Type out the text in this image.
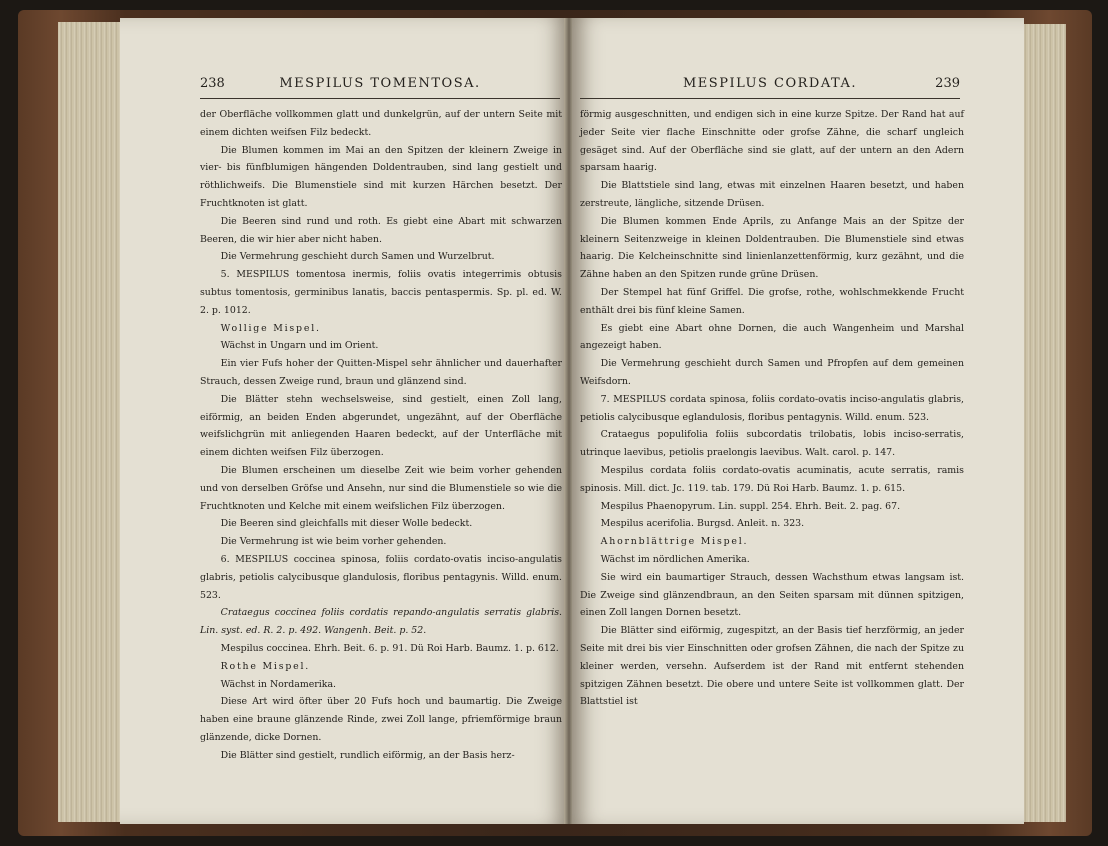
238	MESPILUS TOMENTOSA.

der Oberfläche vollkommen glatt und dunkelgrün, auf der untern Seite mit einem dichten weifsen Filz bedeckt.

Die Blumen kommen im Mai an den Spitzen der kleinern Zweige in vier- bis fünfblumigen hängenden Doldentrauben, sind lang gestielt und röthlichweifs. Die Blumenstiele sind mit kurzen Härchen besetzt. Der Fruchtknoten ist glatt.

Die Beeren sind rund und roth. Es giebt eine Abart mit schwarzen Beeren, die wir hier aber nicht haben.

Die Vermehrung geschieht durch Samen und Wurzelbrut.

5. MESPILUS tomentosa inermis, foliis ovatis integerrimis obtusis subtus tomentosis, germinibus lanatis, baccis pentaspermis. Sp. pl. ed. W. 2. p. 1012.

Wollige Mispel.

Wächst in Ungarn und im Orient.

Ein vier Fufs hoher der Quitten-Mispel sehr ähnlicher und dauerhafter Strauch, dessen Zweige rund, braun und glänzend sind.

Die Blätter stehn wechselsweise, sind gestielt, einen Zoll lang, eiförmig, an beiden Enden abgerundet, ungezähnt, auf der Oberfläche weifslichgrün mit anliegenden Haaren bedeckt, auf der Unterfläche mit einem dichten weifsen Filz überzogen.

Die Blumen erscheinen um dieselbe Zeit wie beim vorher gehenden und von derselben Gröfse und Ansehn, nur sind die Blumenstiele so wie die Fruchtknoten und Kelche mit einem weifslichen Filz überzogen.

Die Beeren sind gleichfalls mit dieser Wolle bedeckt.

Die Vermehrung ist wie beim vorher gehenden.

6. MESPILUS coccinea spinosa, foliis cordato-ovatis inciso-angulatis glabris, petiolis calycibusque glandulosis, floribus pentagynis. Willd. enum. 523.

Crataegus coccinea foliis cordatis repando-angulatis serratis glabris. Lin. syst. ed. R. 2. p. 492. Wangenh. Beit. p. 52.

Mespilus coccinea. Ehrh. Beit. 6. p. 91. Dü Roi Harb. Baumz. 1. p. 612.

Rothe Mispel.

Wächst in Nordamerika.

Diese Art wird öfter über 20 Fufs hoch und baumartig. Die Zweige haben eine braune glänzende Rinde, zwei Zoll lange, pfriemförmige braun glänzende, dicke Dornen.

Die Blätter sind gestielt, rundlich eiförmig, an der Basis herz-

MESPILUS CORDATA.	239

förmig ausgeschnitten, und endigen sich in eine kurze Spitze. Der Rand hat auf jeder Seite vier flache Einschnitte oder grofse Zähne, die scharf ungleich gesäget sind. Auf der Oberfläche sind sie glatt, auf der untern an den Adern sparsam haarig.

Die Blattstiele sind lang, etwas mit einzelnen Haaren besetzt, und haben zerstreute, längliche, sitzende Drüsen.

Die Blumen kommen Ende Aprils, zu Anfange Mais an der Spitze der kleinern Seitenzweige in kleinen Doldentrauben. Die Blumenstiele sind etwas haarig. Die Kelcheinschnitte sind linienlanzettenförmig, kurz gezähnt, und die Zähne haben an den Spitzen runde grüne Drüsen.

Der Stempel hat fünf Griffel. Die grofse, rothe, wohlschmekkende Frucht enthält drei bis fünf kleine Samen.

Es giebt eine Abart ohne Dornen, die auch Wangenheim und Marshal angezeigt haben.

Die Vermehrung geschieht durch Samen und Pfropfen auf dem gemeinen Weifsdorn.

7. MESPILUS cordata spinosa, foliis cordato-ovatis inciso-angulatis glabris, petiolis calycibusque eglandulosis, floribus pentagynis. Willd. enum. 523.

Crataegus populifolia foliis subcordatis trilobatis, lobis inciso-serratis, utrinque laevibus, petiolis praelongis laevibus. Walt. carol. p. 147.

Mespilus cordata foliis cordato-ovatis acuminatis, acute serratis, ramis spinosis. Mill. dict. Jc. 119. tab. 179. Dü Roi Harb. Baumz. 1. p. 615.

Mespilus Phaenopyrum. Lin. suppl. 254. Ehrh. Beit. 2. pag. 67.

Mespilus acerifolia. Burgsd. Anleit. n. 323.

Ahornblättrige Mispel.

Wächst im nördlichen Amerika.

Sie wird ein baumartiger Strauch, dessen Wachsthum etwas langsam ist. Die Zweige sind glänzendbraun, an den Seiten sparsam mit dünnen spitzigen, einen Zoll langen Dornen besetzt.

Die Blätter sind eiförmig, zugespitzt, an der Basis tief herzförmig, an jeder Seite mit drei bis vier Einschnitten oder grofsen Zähnen, die nach der Spitze zu kleiner werden, versehn. Aufserdem ist der Rand mit entfernt stehenden spitzigen Zähnen besetzt. Die obere und untere Seite ist vollkommen glatt. Der Blattstiel ist
